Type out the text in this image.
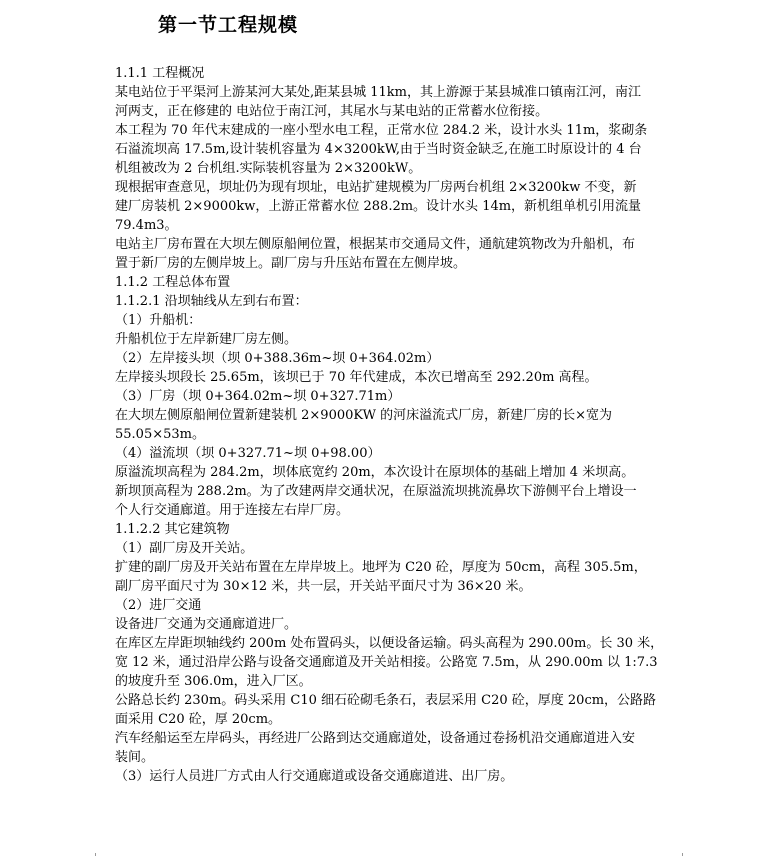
第一节工程规模
1.1.1 工程概况
某电站位于平渠河上游某河大某处,距某县城 11km，其上游源于某县城准口镇南江河，南江
河两支，正在修建的 电站位于南江河，其尾水与某电站的正常蓄水位衔接。
本工程为 70 年代末建成的一座小型水电工程，正常水位 284.2 米，设计水头 11m，浆砌条
石溢流坝高 17.5m,设计装机容量为 4×3200kW,由于当时资金缺乏,在施工时原设计的 4 台
机组被改为 2 台机组.实际装机容量为 2×3200kW。
现根据审查意见，坝址仍为现有坝址，电站扩建规模为厂房两台机组 2×3200kw 不变，新
建厂房装机 2×9000kw，上游正常蓄水位 288.2m。设计水头 14m，新机组单机引用流量
79.4m3。
电站主厂房布置在大坝左侧原船闸位置，根据某市交通局文件，通航建筑物改为升船机，布
置于新厂房的左侧岸坡上。副厂房与升压站布置在左侧岸坡。
1.1.2 工程总体布置
1.1.2.1 沿坝轴线从左到右布置：
（1）升船机：
升船机位于左岸新建厂房左侧。
（2）左岸接头坝（坝 0+388.36m~坝 0+364.02m）
左岸接头坝段长 25.65m，该坝已于 70 年代建成，本次已增高至 292.20m 高程。
（3）厂房（坝 0+364.02m~坝 0+327.71m）
在大坝左侧原船闸位置新建装机 2×9000KW 的河床溢流式厂房，新建厂房的长×宽为
55.05×53m。
（4）溢流坝（坝 0+327.71~坝 0+98.00）
原溢流坝高程为 284.2m，坝体底宽约 20m，本次设计在原坝体的基础上增加 4 米坝高。
新坝顶高程为 288.2m。为了改建两岸交通状况，在原溢流坝挑流鼻坎下游侧平台上增设一
个人行交通廊道。用于连接左右岸厂房。
1.1.2.2 其它建筑物
（1）副厂房及开关站。
扩建的副厂房及开关站布置在左岸岸坡上。地坪为 C20 砼，厚度为 50cm，高程 305.5m，
副厂房平面尺寸为 30×12 米，共一层，开关站平面尺寸为 36×20 米。
（2）进厂交通
设备进厂交通为交通廊道进厂。
在库区左岸距坝轴线约 200m 处布置码头，以便设备运输。码头高程为 290.00m。长 30 米，
宽 12 米，通过沿岸公路与设备交通廊道及开关站相接。公路宽 7.5m，从 290.00m 以 1:7.3
的坡度升至 306.0m，进入厂区。
公路总长约 230m。码头采用 C10 细石砼砌毛条石，表层采用 C20 砼，厚度 20cm，公路路
面采用 C20 砼，厚 20cm。
汽车经船运至左岸码头，再经进厂公路到达交通廊道处，设备通过卷扬机沿交通廊道进入安
装间。
（3）运行人员进厂方式由人行交通廊道或设备交通廊道进、出厂房。
